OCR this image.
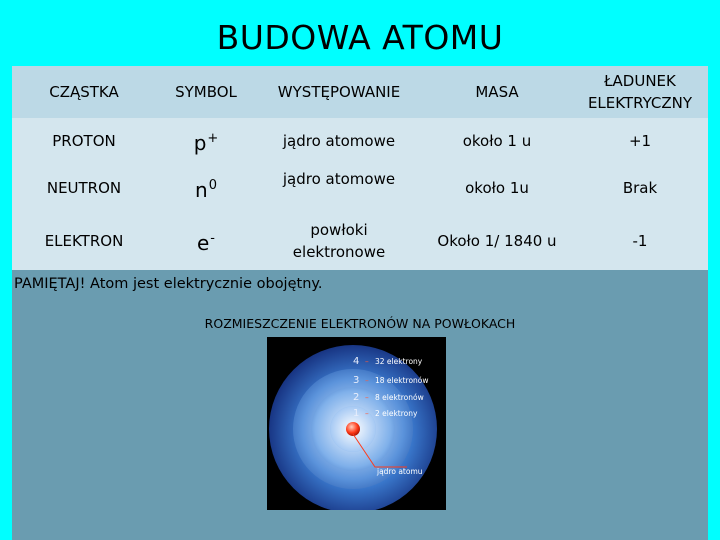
BUDOWA ATOMU
CZĄSTKA	SYMBOL	WYSTĘPOWANIE	MASA	ŁADUNEK ELEKTRYCZNY
PROTON	p+	jądro atomowe	około 1 u	+1
NEUTRON	$n^0$	jądro atomowe	około 1u	Brak
ELEKTRON	e-	powłoki elektronowe	Około 1/ 1840 u	-1
PAMIĘTAJ! Atom jest elektrycznie obojętny.
ROZMIESZCZENIE ELEKTRONÓW NA POWŁOKACH
4 – 32 elektrony
3 – 18 elektronów
2 – 8 elektronów
1 – 2 elektrony
jądro atomu
